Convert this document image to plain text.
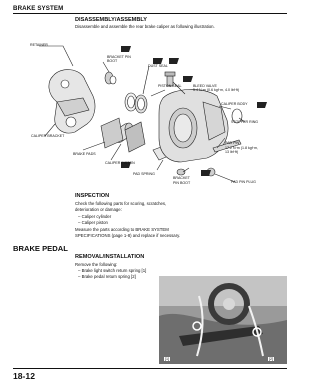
BRAKE SYSTEM
DISASSEMBLY/ASSEMBLY
Disassemble and assemble the rear brake caliper as following illustration.
RETAINER
BRACKET PIN
BOOT
DUST SEAL
PISTON SEAL	BLEED VALVE
5.4 N·m (0.6 kgf·m, 4.0 lbf·ft)
CALIPER BODY
STOPPER RING
CALIPER BRACKET
BRAKE PADS
CALIPER PISTON
PAD PIN
17.2 N·m (1.8 kgf·m,
13 lbf·ft)
PAD SPRING
BRACKET
PIN BOOT	PAD PIN PLUG
INSPECTION
Check the following parts for scoring, scratches,
deterioration or damage:
– Caliper cylinder
– Caliper piston
Measure the parts according to BRAKE SYSTEM
SPECIFICATIONS (page 1-8) and replace if necessary.
BRAKE PEDAL
REMOVAL/INSTALLATION
Remove the following:
– Brake light switch return spring [1]
– Brake pedal return spring [2]
[1]	[2]
18-12
